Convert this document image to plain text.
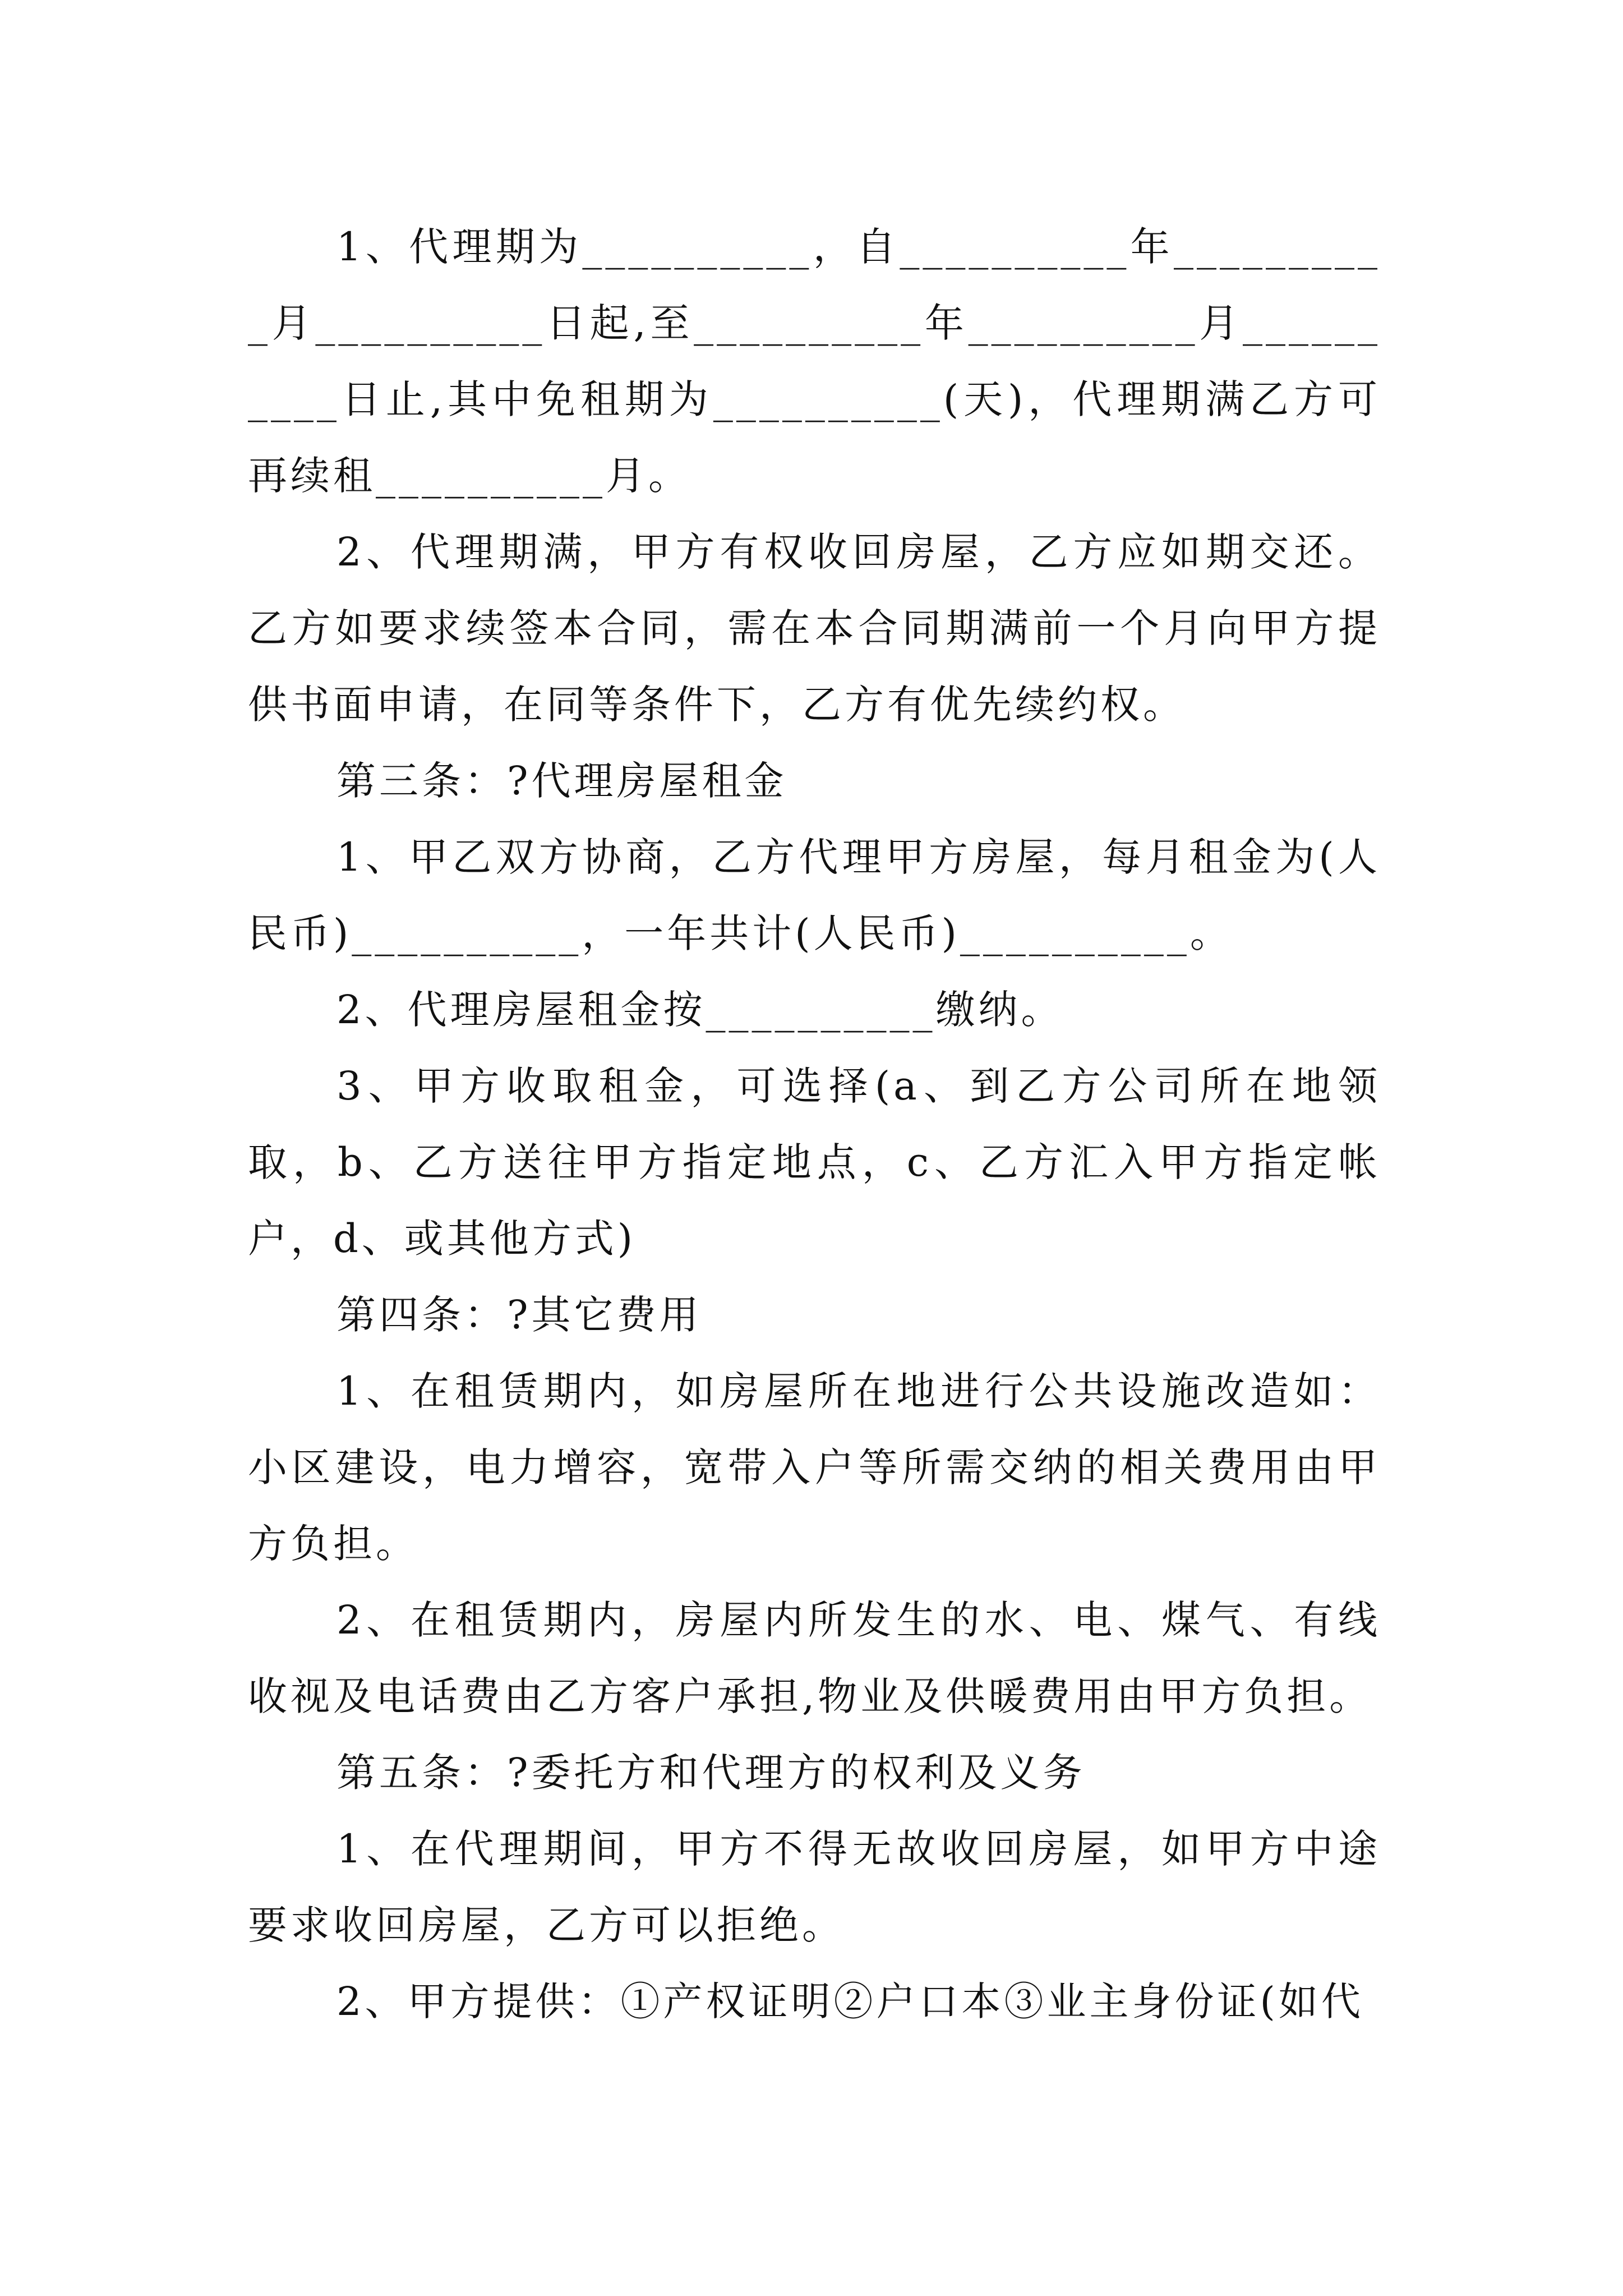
1、代理期为__________，自__________年__________月__________日起,至__________年__________月__________日止,其中免租期为__________(天)，代理期满乙方可再续租__________月。

2、代理期满，甲方有权收回房屋，乙方应如期交还。乙方如要求续签本合同，需在本合同期满前一个月向甲方提供书面申请，在同等条件下，乙方有优先续约权。

第三条：?代理房屋租金

1、甲乙双方协商，乙方代理甲方房屋，每月租金为(人民币)__________，一年共计(人民币)__________。

2、代理房屋租金按__________缴纳。

3、甲方收取租金，可选择(a、到乙方公司所在地领取，b、乙方送往甲方指定地点，c、乙方汇入甲方指定帐户，d、或其他方式)

第四条：?其它费用

1、在租赁期内，如房屋所在地进行公共设施改造如：小区建设，电力增容，宽带入户等所需交纳的相关费用由甲方负担。

2、在租赁期内，房屋内所发生的水、电、煤气、有线收视及电话费由乙方客户承担,物业及供暖费用由甲方负担。

第五条：?委托方和代理方的权利及义务

1、在代理期间，甲方不得无故收回房屋，如甲方中途要求收回房屋，乙方可以拒绝。

2、甲方提供：①产权证明②户口本③业主身份证(如代
